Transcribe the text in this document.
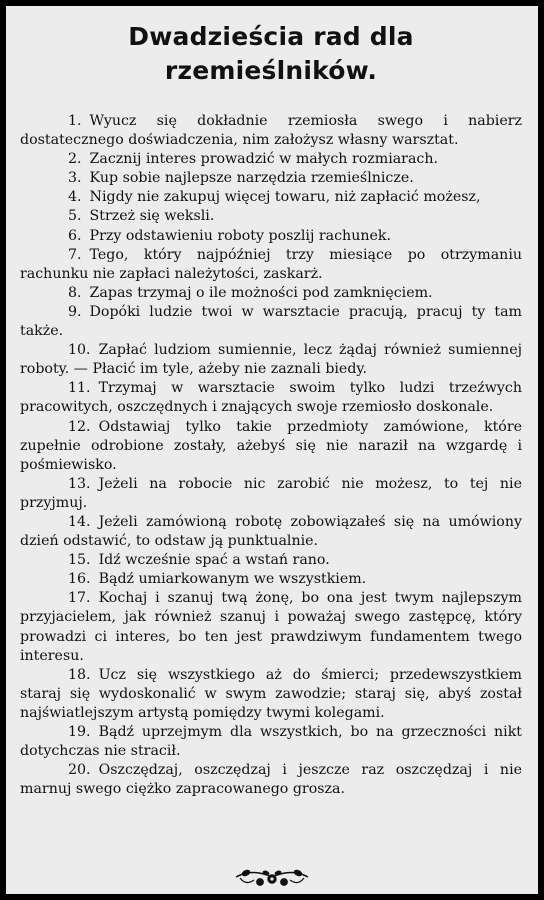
Dwadzieścia rad dla rzemieślników.
1. Wyucz się dokładnie rzemiosła swego i nabierz dostatecznego doświadczenia, nim założysz własny warsztat.
2. Zacznij interes prowadzić w małych rozmiarach.
3. Kup sobie najlepsze narzędzia rzemieślnicze.
4. Nigdy nie zakupuj więcej towaru, niż zapłacić możesz,
5. Strzeż się weksli.
6. Przy odstawieniu roboty poszlij rachunek.
7. Tego, który najpóźniej trzy miesiące po otrzymaniu rachunku nie zapłaci należytości, zaskarż.
8. Zapas trzymaj o ile możności pod zamknięciem.
9. Dopóki ludzie twoi w warsztacie pracują, pracuj ty tam także.
10. Zapłać ludziom sumiennie, lecz żądaj również sumiennej roboty. — Płacić im tyle, ażeby nie zaznali biedy.
11. Trzymaj w warsztacie swoim tylko ludzi trzeźwych pracowitych, oszczędnych i znających swoje rzemiosło doskonale.
12. Odstawiaj tylko takie przedmioty zamówione, które zupełnie odrobione zostały, ażebyś się nie naraził na wzgardę i pośmiewisko.
13. Jeżeli na robocie nic zarobić nie możesz, to tej nie przyjmuj.
14. Jeżeli zamówioną robotę zobowiązałeś się na umówiony dzień odstawić, to odstaw ją punktualnie.
15. Idź wcześnie spać a wstań rano.
16. Bądź umiarkowanym we wszystkiem.
17. Kochaj i szanuj twą żonę, bo ona jest twym najlepszym przyjacielem, jak również szanuj i poważaj swego zastępcę, który prowadzi ci interes, bo ten jest prawdziwym fundamentem twego interesu.
18. Ucz się wszystkiego aż do śmierci; przedewszystkiem staraj się wydoskonalić w swym zawodzie; staraj się, abyś został najświatlejszym artystą pomiędzy twymi kolegami.
19. Bądź uprzejmym dla wszystkich, bo na grzeczności nikt dotychczas nie stracił.
20. Oszczędzaj, oszczędzaj i jeszcze raz oszczędzaj i nie marnuj swego ciężko zapracowanego grosza.
